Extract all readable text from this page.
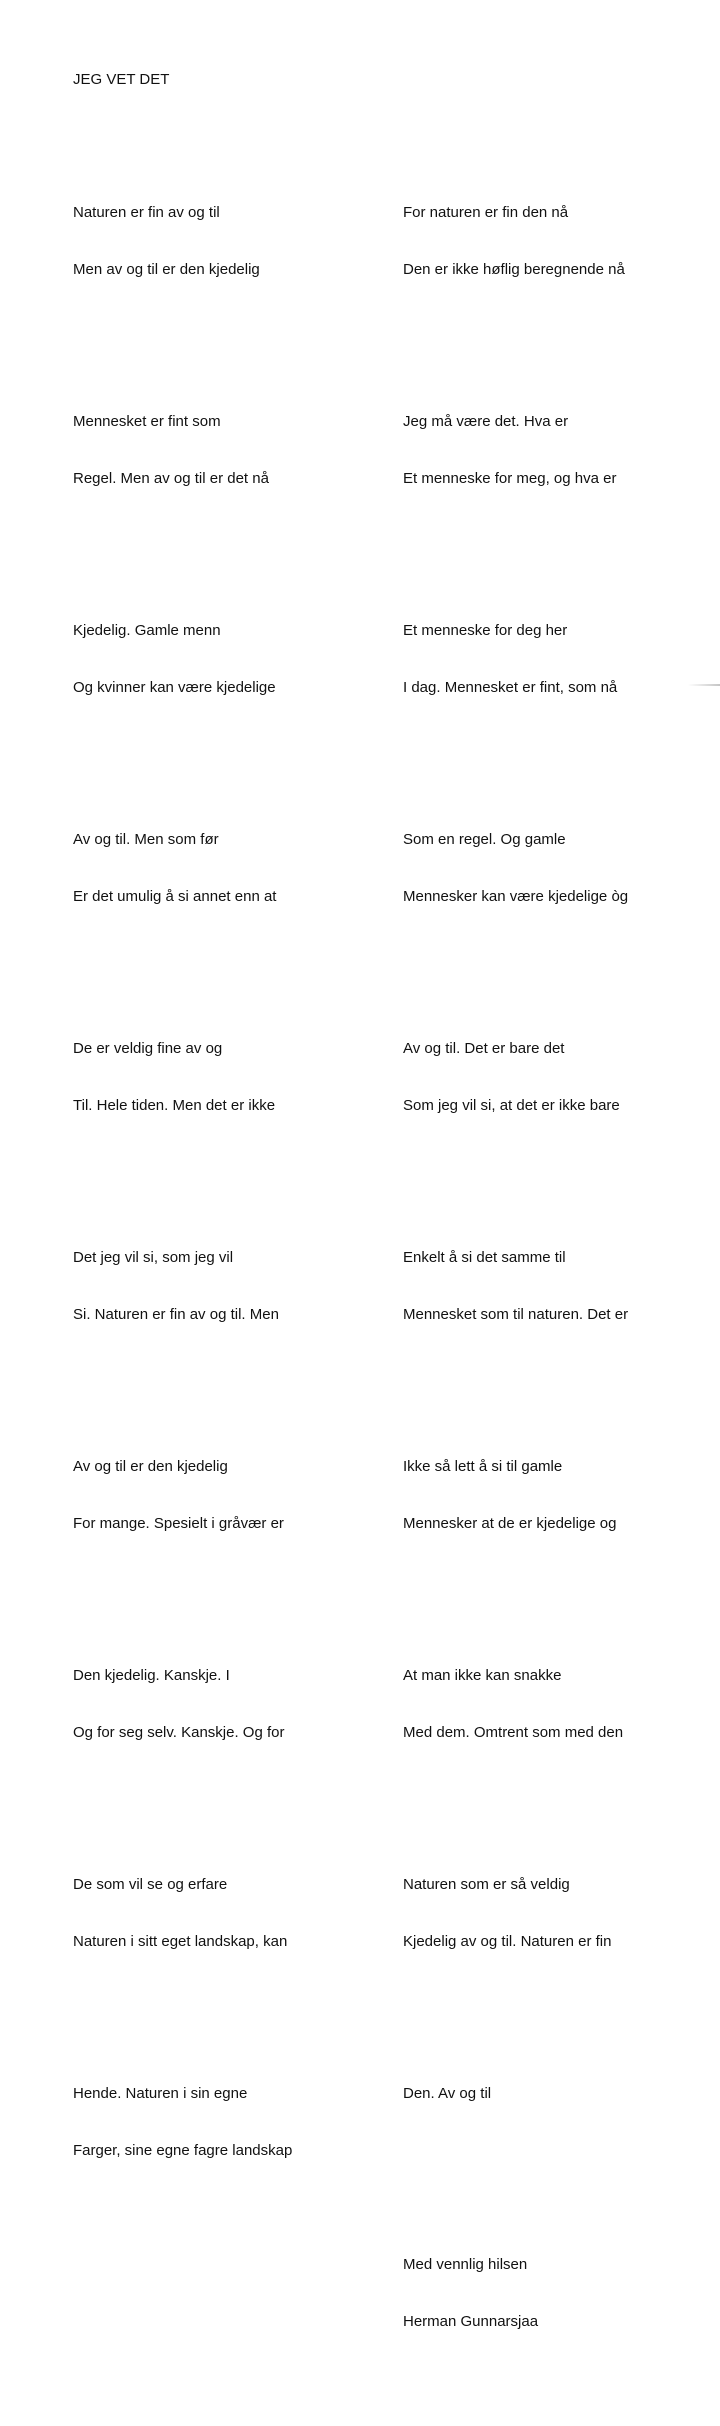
JEG VET DET

Naturen er fin av og til

Men av og til er den kjedelig

Mennesket er fint som

Regel. Men av og til er det nå

Kjedelig. Gamle menn

Og kvinner kan være kjedelige

Av og til. Men som før

Er det umulig å si annet enn at

De er veldig fine av og

Til. Hele tiden. Men det er ikke

Det jeg vil si, som jeg vil

Si. Naturen er fin av og til. Men

Av og til er den kjedelig

For mange. Spesielt i gråvær er

Den kjedelig. Kanskje. I

Og for seg selv. Kanskje. Og for

De som vil se og erfare

Naturen i sitt eget landskap, kan

Hende. Naturen i sin egne

Farger, sine egne fagre landskap

For naturen er fin den nå

Den er ikke høflig beregnende nå

Jeg må være det. Hva er

Et menneske for meg, og hva er

Et menneske for deg her

I dag. Mennesket er fint, som nå

Som en regel. Og gamle

Mennesker kan være kjedelige òg

Av og til. Det er bare det

Som jeg vil si, at det er ikke bare

Enkelt å si det samme til

Mennesket som til naturen. Det er

Ikke så lett å si til gamle

Mennesker at de er kjedelige og

At man ikke kan snakke

Med dem. Omtrent som med den

Naturen som er så veldig

Kjedelig av og til. Naturen er fin

Den. Av og til

Med vennlig hilsen

Herman Gunnarsjaa
